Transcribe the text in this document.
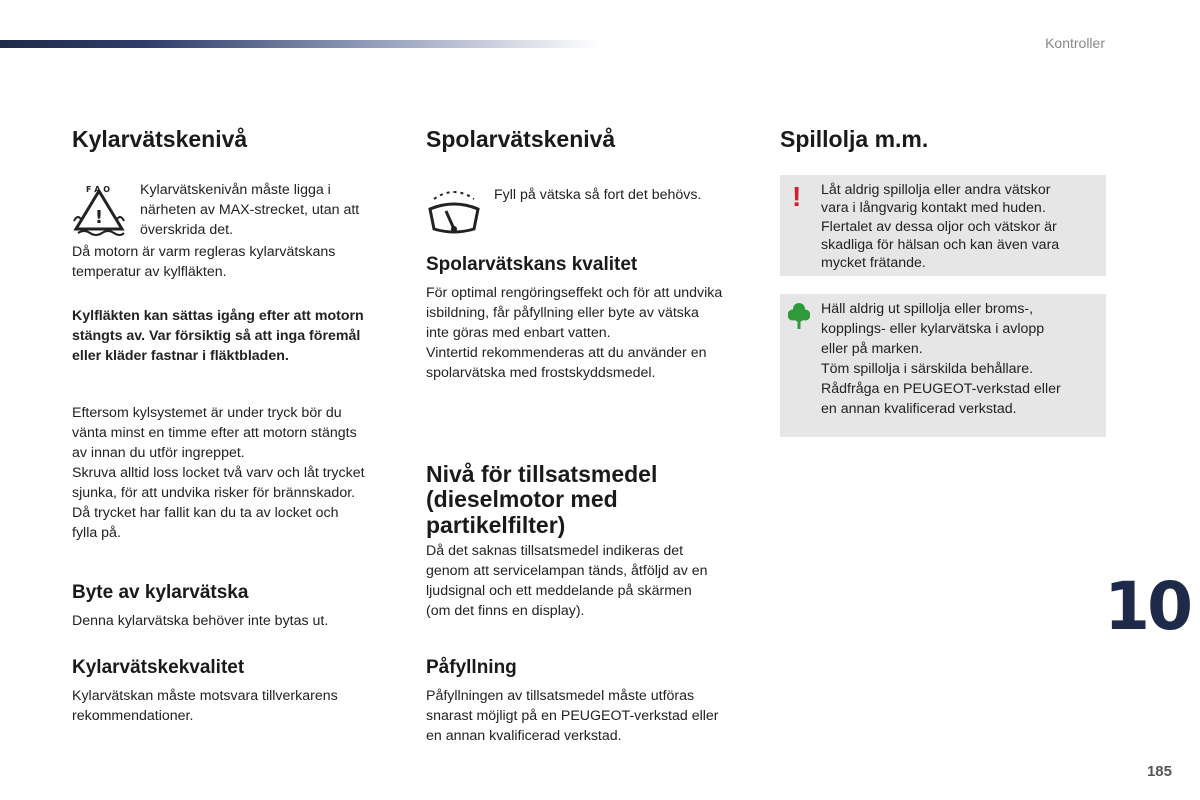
Kontroller
Kylarvätskenivå
F A O
!

Kylarvätskenivån måste ligga i

närheten av MAX-strecket, utan att

överskrida det.

Då motorn är varm regleras kylarvätskans

temperatur av kylfläkten.

Kylfläkten kan sättas igång efter att motorn

stängts av. Var försiktig så att inga föremål

eller kläder fastnar i fläktbladen.

Eftersom kylsystemet är under tryck bör du

vänta minst en timme efter att motorn stängts

av innan du utför ingreppet.

Skruva alltid loss locket två varv och låt trycket

sjunka, för att undvika risker för brännskador.

Då trycket har fallit kan du ta av locket och

fylla på.

Byte av kylarvätska

Denna kylarvätska behöver inte bytas ut.

Kylarvätskekvalitet

Kylarvätskan måste motsvara tillverkarens

rekommendationer.

Spolarvätskenivå

Fyll på vätska så fort det behövs.

Spolarvätskans kvalitet

För optimal rengöringseffekt och för att undvika

isbildning, får påfyllning eller byte av vätska

inte göras med enbart vatten.

Vintertid rekommenderas att du använder en

spolarvätska med frostskyddsmedel.

Nivå för tillsatsmedel
(dieselmotor med
partikelfilter)

Då det saknas tillsatsmedel indikeras det

genom att servicelampan tänds, åtföljd av en

ljudsignal och ett meddelande på skärmen

(om det finns en display).

Påfyllning

Påfyllningen av tillsatsmedel måste utföras

snarast möjligt på en PEUGEOT-verkstad eller

en annan kvalificerad verkstad.

Spillolja m.m.
! Låt aldrig spillolja eller andra vätskor

vara i långvarig kontakt med huden.

Flertalet av dessa oljor och vätskor är

skadliga för hälsan och kan även vara

mycket frätande.

Häll aldrig ut spillolja eller broms-,

kopplings- eller kylarvätska i avlopp

eller på marken.

Töm spillolja i särskilda behållare.

Rådfråga en PEUGEOT-verkstad eller

en annan kvalificerad verkstad.

10
185
